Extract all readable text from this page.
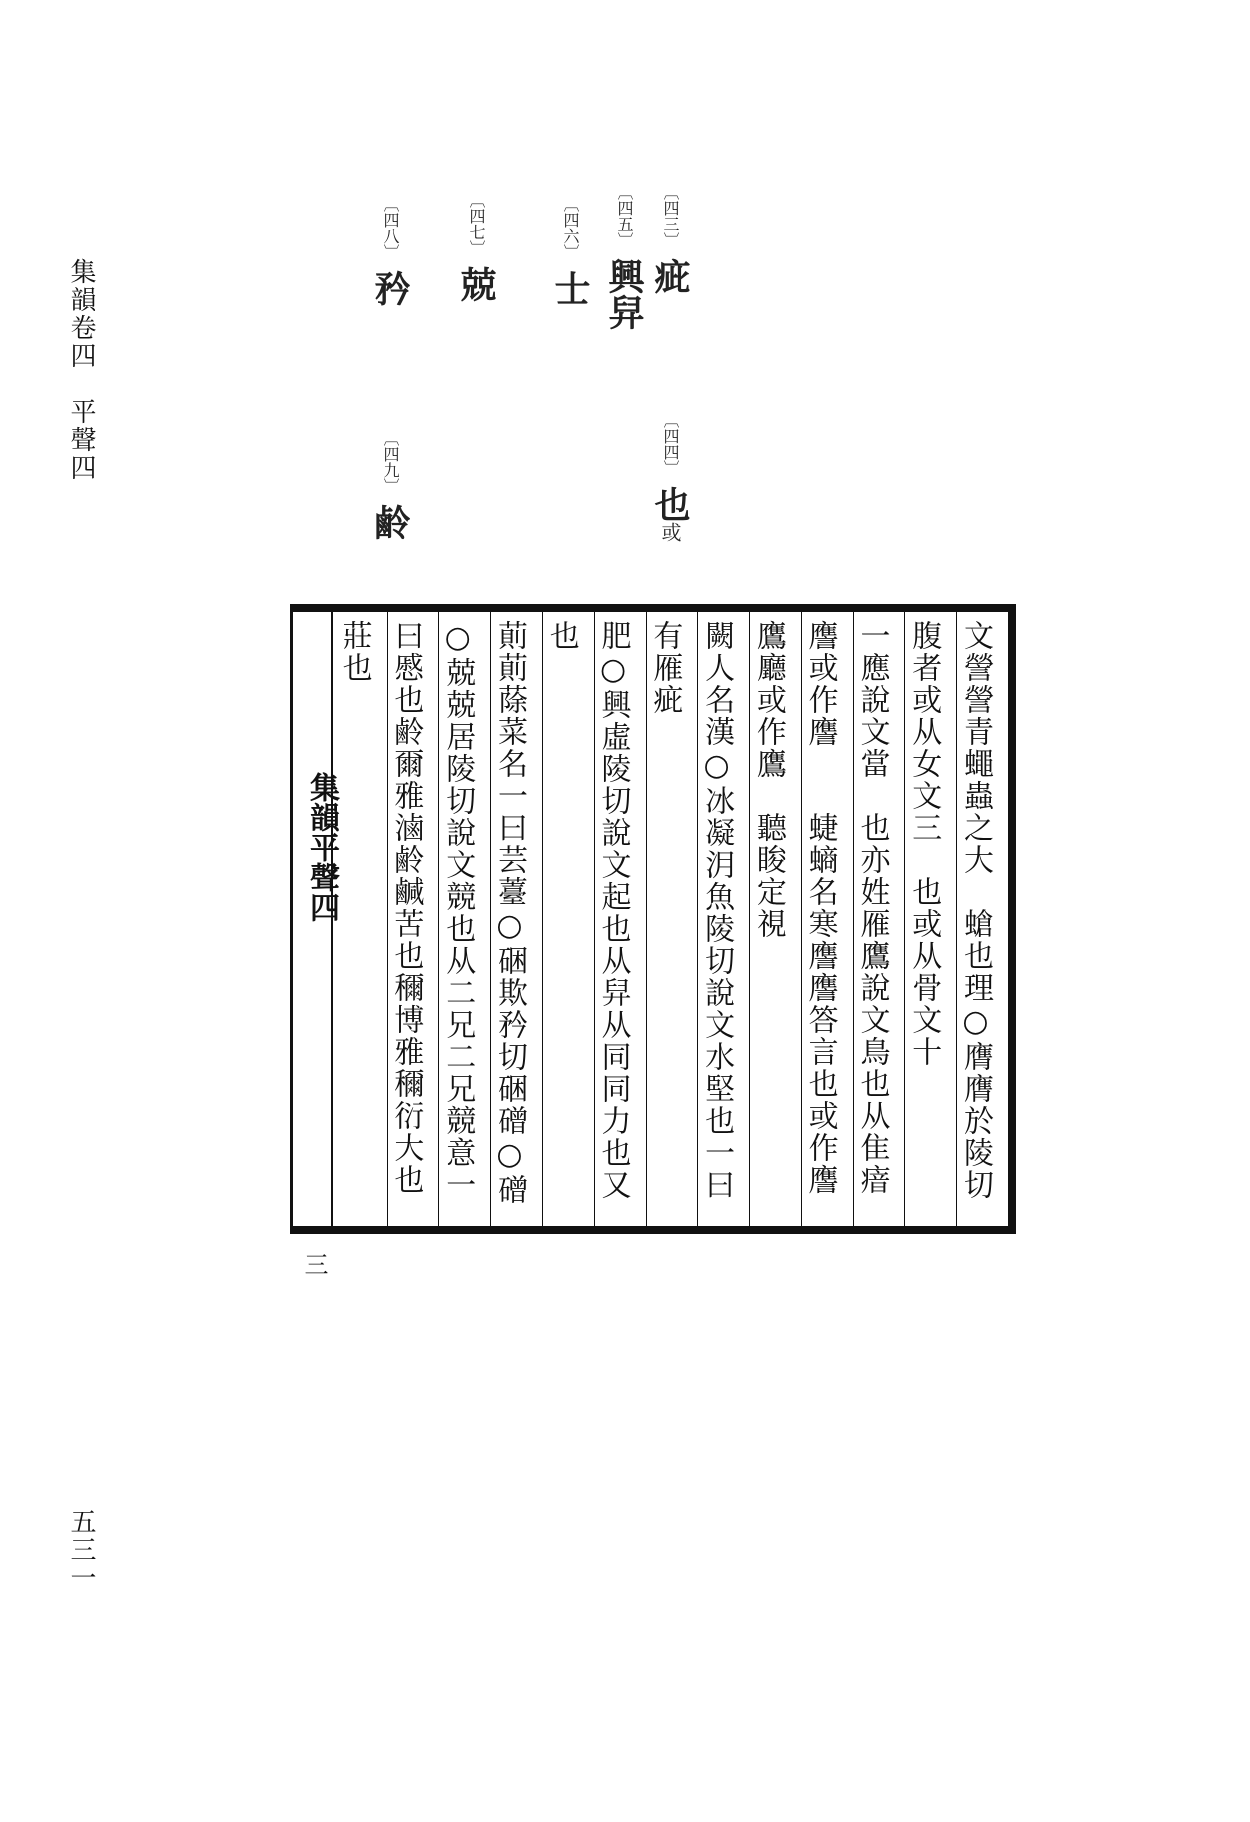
集韻卷四　平聲四
五三一
〔四三〕疵
〔四四〕也或
〔四五〕興舁
〔四六〕士
〔四七〕兢
〔四八〕矜
〔四九〕鹷
集韻平聲四
三
文謍謍青蠅蟲之大　螥也理○膺膺於陵切
腹者或从女文三　也或从骨文十
一應說文當　也亦姓雁鷹說文鳥也从隹瘖
譍或作譍　　蜨螪名寒譍譍答言也或作譍
鷹廳或作鷹　聽睃定視　　　
闕人名漢○冰凝㳉魚陵切說文水堅也一曰
有雁疵
肥○興虛陵切說文起也从舁从同同力也又
也
萴萴蒢菜名一曰芸薹○硱欺矜切硱磳○磳
○兢兢居陵切說文競也从二兄二兄競意一
曰慼也鹷爾雅滷鹷鹹苦也穪博雅穪衍大也
莊也
